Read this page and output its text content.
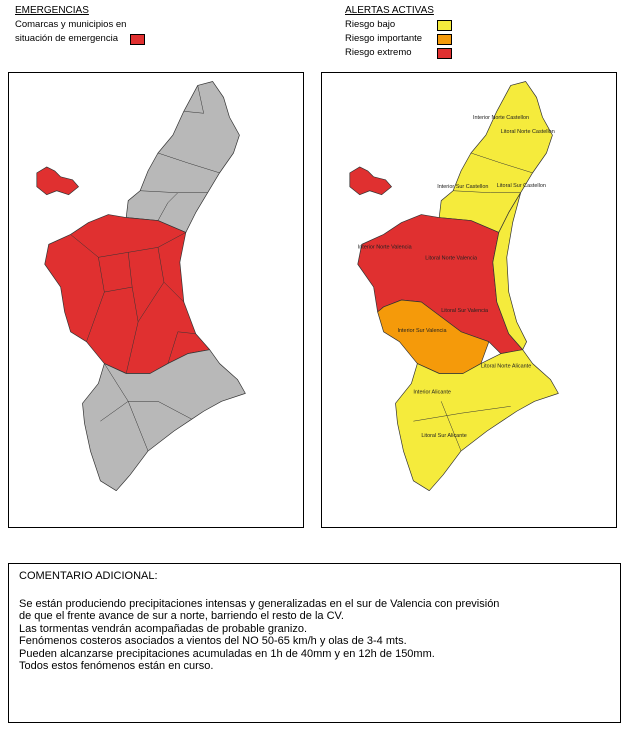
EMERGENCIAS
Comarcas y municipios en
situación de emergencia
ALERTAS ACTIVAS
Riesgo bajo
Riesgo importante
Riesgo extremo
Interior Norte Castellon
Litoral Norte Castellon
Interior Sur Castellon Litoral Sur Castellon
Interior Norte Valencia
Litoral Norte Valencia
Interior Sur Valencia
Litoral Sur Valencia
Interior Alicante
Litoral Norte Alicante
Litoral Sur Alicante
COMENTARIO ADICIONAL:
Se están produciendo precipitaciones intensas y generalizadas en el sur de Valencia con previsión
de que el frente avance de sur a norte, barriendo el resto de la CV.
Las tormentas vendrán acompañadas de probable granizo.
Fenómenos costeros asociados a vientos del NO 50-65 km/h y olas de 3-4 mts.
Pueden alcanzarse precipitaciones acumuladas en 1h de 40mm y en 12h de 150mm.
Todos estos fenómenos están en curso.
